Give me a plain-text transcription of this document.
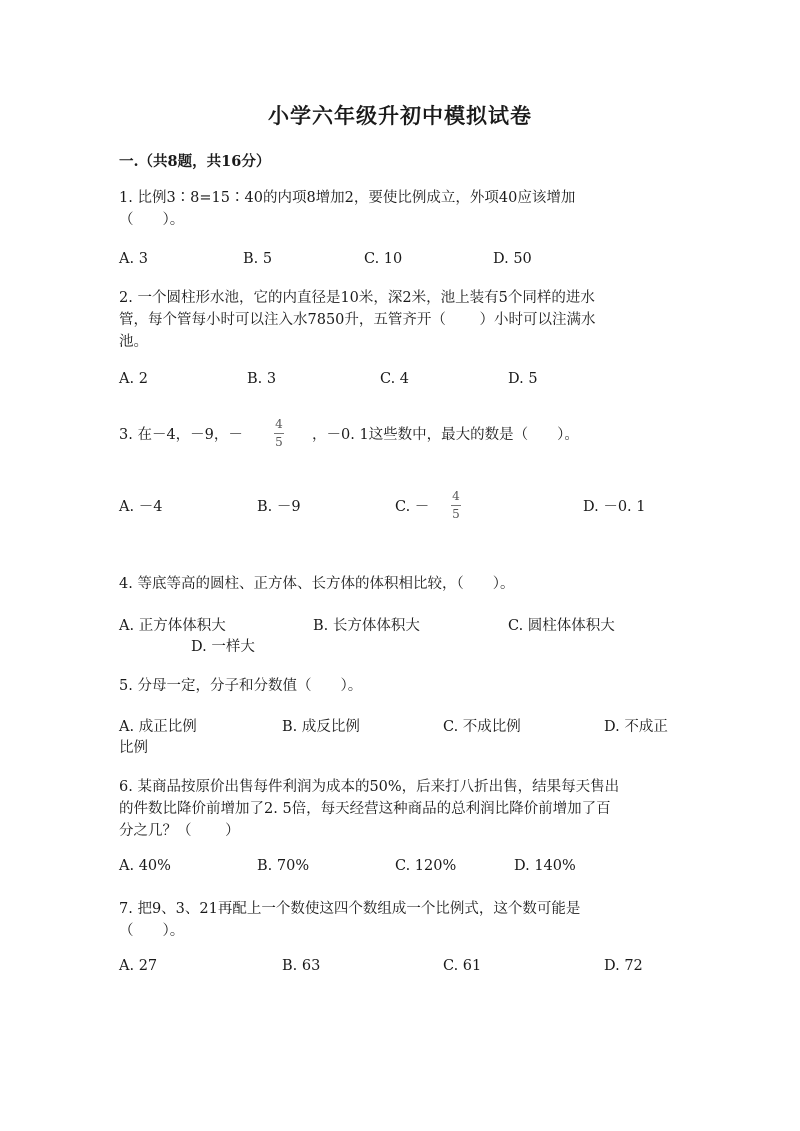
小学六年级升初中模拟试卷
一.（共8题，共16分）
1. 比例3∶8=15∶40的内项8增加2，要使比例成立，外项40应该增加
（　　）。
A. 3	B. 5	C. 10	D. 50
2. 一个圆柱形水池，它的内直径是10米，深2米，池上装有5个同样的进水
管，每个管每小时可以注入水7850升，五管齐开（　　 ）小时可以注满水
池。
A. 2	B. 3	C. 4	D. 5
3. 在－4，－9，－
4
5 ，－0. 1这些数中，最大的数是（　　）。
A. －4	B. －9	C. －
4
5	D. －0. 1
4. 等底等高的圆柱、正方体、长方体的体积相比较，（　　）。
A. 正方体体积大	B. 长方体体积大	C. 圆柱体体积大
D. 一样大
5. 分母一定，分子和分数值（　　）。
A. 成正比例	B. 成反比例	C. 不成比例	D. 不成正
比例
6. 某商品按原价出售每件利润为成本的50%，后来打八折出售，结果每天售出
的件数比降价前增加了2. 5倍，每天经营这种商品的总利润比降价前增加了百
分之几？（　　 ）
A. 40%	B. 70%	C. 120%	D. 140%
7. 把9、3、21再配上一个数使这四个数组成一个比例式，这个数可能是
（　　）。
A. 27	B. 63	C. 61	D. 72
